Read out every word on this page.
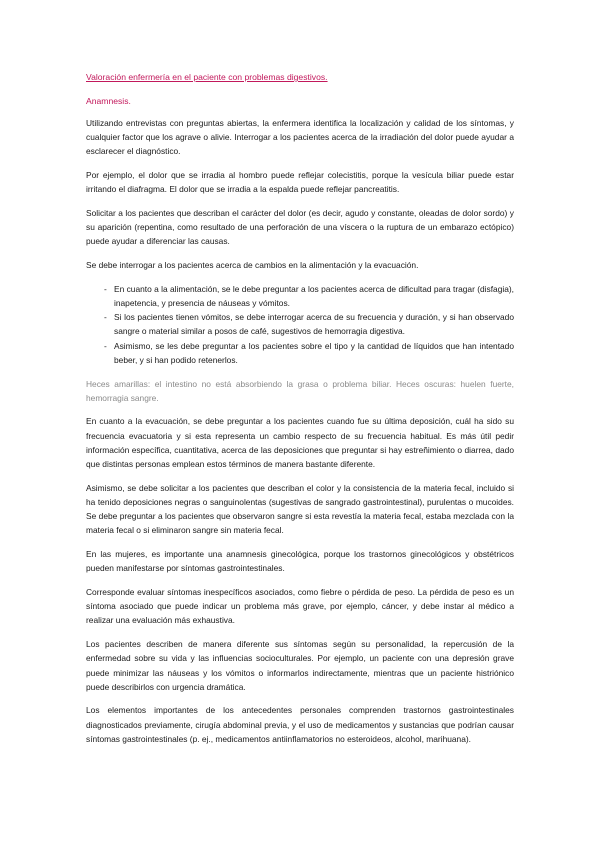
Valoración enfermería en el paciente con problemas digestivos.
Anamnesis.

Utilizando entrevistas con preguntas abiertas, la enfermera identifica la localización y calidad de los síntomas, y cualquier factor que los agrave o alivie. Interrogar a los pacientes acerca de la irradiación del dolor puede ayudar a esclarecer el diagnóstico.

Por ejemplo, el dolor que se irradia al hombro puede reflejar colecistitis, porque la vesícula biliar puede estar irritando el diafragma. El dolor que se irradia a la espalda puede reflejar pancreatitis.

Solicitar a los pacientes que describan el carácter del dolor (es decir, agudo y constante, oleadas de dolor sordo) y su aparición (repentina, como resultado de una perforación de una víscera o la ruptura de un embarazo ectópico) puede ayudar a diferenciar las causas.

Se debe interrogar a los pacientes acerca de cambios en la alimentación y la evacuación.

- En cuanto a la alimentación, se le debe preguntar a los pacientes acerca de dificultad para tragar (disfagia), inapetencia, y presencia de náuseas y vómitos.
- Si los pacientes tienen vómitos, se debe interrogar acerca de su frecuencia y duración, y si han observado sangre o material similar a posos de café, sugestivos de hemorragia digestiva.
- Asimismo, se les debe preguntar a los pacientes sobre el tipo y la cantidad de líquidos que han intentado beber, y si han podido retenerlos.

Heces amarillas: el intestino no está absorbiendo la grasa o problema biliar. Heces oscuras: huelen fuerte, hemorragia sangre.

En cuanto a la evacuación, se debe preguntar a los pacientes cuando fue su última deposición, cuál ha sido su frecuencia evacuatoria y si esta representa un cambio respecto de su frecuencia habitual. Es más útil pedir información específica, cuantitativa, acerca de las deposiciones que preguntar si hay estreñimiento o diarrea, dado que distintas personas emplean estos términos de manera bastante diferente.

Asimismo, se debe solicitar a los pacientes que describan el color y la consistencia de la materia fecal, incluido si ha tenido deposiciones negras o sanguinolentas (sugestivas de sangrado gastrointestinal), purulentas o mucoides. Se debe preguntar a los pacientes que observaron sangre si esta revestía la materia fecal, estaba mezclada con la materia fecal o si eliminaron sangre sin materia fecal.

En las mujeres, es importante una anamnesis ginecológica, porque los trastornos ginecológicos y obstétricos pueden manifestarse por síntomas gastrointestinales.

Corresponde evaluar síntomas inespecíficos asociados, como fiebre o pérdida de peso. La pérdida de peso es un síntoma asociado que puede indicar un problema más grave, por ejemplo, cáncer, y debe instar al médico a realizar una evaluación más exhaustiva.

Los pacientes describen de manera diferente sus síntomas según su personalidad, la repercusión de la enfermedad sobre su vida y las influencias socioculturales. Por ejemplo, un paciente con una depresión grave puede minimizar las náuseas y los vómitos o informarlos indirectamente, mientras que un paciente histriónico puede describirlos con urgencia dramática.

Los elementos importantes de los antecedentes personales comprenden trastornos gastrointestinales diagnosticados previamente, cirugía abdominal previa, y el uso de medicamentos y sustancias que podrían causar síntomas gastrointestinales (p. ej., medicamentos antiinflamatorios no esteroideos, alcohol, marihuana).
